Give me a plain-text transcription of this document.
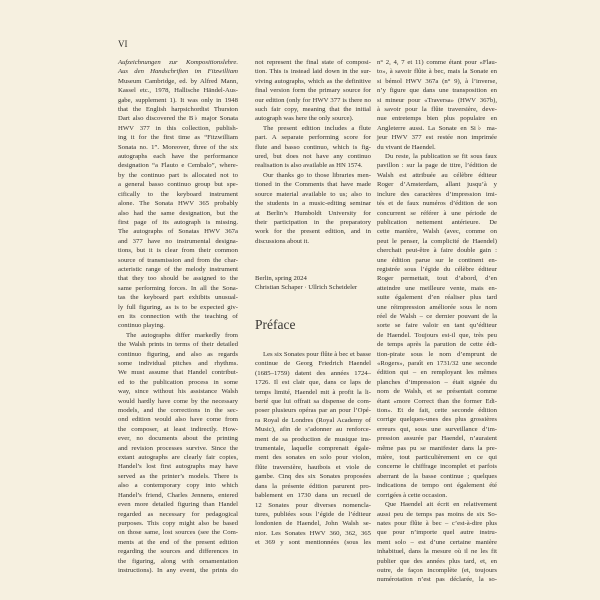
VI
Aufzeichnungen zur Kompositionslehre.
Aus den Handschriften im Fitzwilliam
Museum Cambridge, ed. by Alfred Mann,
Kassel etc., 1978, Hallische Händel-Aus-
gabe, supplement 1). It was only in 1948
that the English harpsichordist Thurston
Dart also discovered the B♭ major Sonata
HWV 377 in this collection, publish-
ing it for the first time as “Fitzwilliam
Sonata no. 1”. Moreover, three of the six
autographs each have the performance
designation “a Flauto e Cembalo”, where-
by the continuo part is allocated not to
a general basso continuo group but spe-
cifically to the keyboard instrument
alone. The Sonata HWV 365 probably
also had the same designation, but the
first page of its autograph is missing.
The autographs of Sonatas HWV 367a
and 377 have no instrumental designa-
tions, but it is clear from their common
source of transmission and from the char-
acteristic range of the melody instrument
that they too should be assigned to the
same performing forces. In all the Sona-
tas the keyboard part exhibits unusual-
ly full figuring, as is to be expected giv-
en its connection with the teaching of
continuo playing.
The autographs differ markedly from
the Walsh prints in terms of their detailed
continuo figuring, and also as regards
some individual pitches and rhythms.
We must assume that Handel contribut-
ed to the publication process in some
way, since without his assistance Walsh
would hardly have come by the necessary
models, and the corrections in the sec-
ond edition would also have come from
the composer, at least indirectly. How-
ever, no documents about the printing
and revision processes survive. Since the
extant autographs are clearly fair copies,
Handel’s lost first autographs may have
served as the printer’s models. There is
also a contemporary copy into which
Handel’s friend, Charles Jennens, entered
even more detailed figuring than Handel
regarded as necessary for pedagogical
purposes. This copy might also be based
on those same, lost sources (see the Com-
ments at the end of the present edition
regarding the sources and differences in
the figuring, along with ornamentation
instructions). In any event, the prints do
not represent the final state of composi-
tion. This is instead laid down in the sur-
viving autographs, which as the definitive
final version form the primary source for
our edition (only for HWV 377 is there no
such fair copy, meaning that the initial
autograph was here the only source).
The present edition includes a flute
part. A separate performing score for
flute and basso continuo, which is fig-
ured, but does not have any continuo
realisation is also available as HN 1574.
Our thanks go to those libraries men-
tioned in the Comments that have made
source material available to us; also to
the students in a music-editing seminar
at Berlin’s Humboldt University for
their participation in the preparatory
work for the present edition, and in
discussions about it.
Berlin, spring 2024
Christian Schaper · Ullrich Scheideler
Préface
Les six Sonates pour flûte à bec et basse
continue de Georg Friedrich Haendel
(1685–1759) datent des années 1724–
1726. Il est clair que, dans ce laps de
temps limité, Haendel mit à profit la li-
berté que lui offrait sa dispense de com-
poser plusieurs opéras par an pour l’Opé-
ra Royal de Londres (Royal Academy of
Music), afin de s’adonner au renforce-
ment de sa production de musique ins-
trumentale, laquelle comprenait égale-
ment des sonates en solo pour violon,
flûte traversière, hautbois et viole de
gambe. Cinq des six Sonates proposées
dans la présente édition parurent pro-
bablement en 1730 dans un recueil de
12 Sonates pour diverses nomencla-
tures, publiées sous l’égide de l’éditeur
londonien de Haendel, John Walsh se-
nior. Les Sonates HWV 360, 362, 365
et 369 y sont mentionnées (sous les
n° 2, 4, 7 et 11) comme étant pour «Flau-
to», à savoir flûte à bec, mais la Sonate en
si bémol HWV 367a (n° 9), à l’inverse,
n’y figure que dans une transposition en
si mineur pour «Traversa» (HWV 367b),
à savoir pour la flûte traversière, deve-
nue entretemps bien plus populaire en
Angleterre aussi. La Sonate en Si♭ ma-
jeur HWV 377 est restée non imprimée
du vivant de Haendel.
Du reste, la publication se fit sous faux
pavillon : sur la page de titre, l’édition de
Walsh est attribuée au célèbre éditeur
Roger d’Amsterdam, allant jusqu’à y
inclure des caractères d’impression imi-
tés et de faux numéros d’édition de son
concurrent se référer à une période de
publication nettement antérieure. De
cette manière, Walsh (avec, comme on
peut le penser, la complicité de Haendel)
cherchait peut-être à faire double gain :
une édition parue sur le continent en-
registrée sous l’égide du célèbre éditeur
Roger permettait, tout d’abord, d’en
atteindre une meilleure vente, mais en-
suite également d’en réaliser plus tard
une réimpression améliorée sous le nom
réel de Walsh – ce dernier pouvant de la
sorte se faire valoir en tant qu’éditeur
de Haendel. Toujours est-il que, très peu
de temps après la parution de cette édi-
tion-pirate sous le nom d’emprunt de
«Rogers», paraît en 1731/32 une seconde
édition qui – en remployant les mêmes
planches d’impression – était signée du
nom de Walsh, et se présentait comme
étant «more Correct than the former Edi-
tion». Et de fait, cette seconde édition
corrige quelques-unes des plus grossières
erreurs qui, sous une surveillance d’im-
pression assurée par Haendel, n’auraient
même pas pu se manifester dans la pre-
mière, tout particulièrement en ce qui
concerne le chiffrage incomplet et parfois
aberrant de la basse continue ; quelques
indications de tempo ont également été
corrigées à cette occasion.
Que Haendel ait écrit en relativement
aussi peu de temps pas moins de six So-
nates pour flûte à bec – c’est-à-dire plus
que pour n’importe quel autre instru-
ment solo – est d’une certaine manière
inhabituel, dans la mesure où il ne les fit
publier que des années plus tard, et, en
outre, de façon incomplète (et, toujours
numérotation n’est pas déclarée, la so-
